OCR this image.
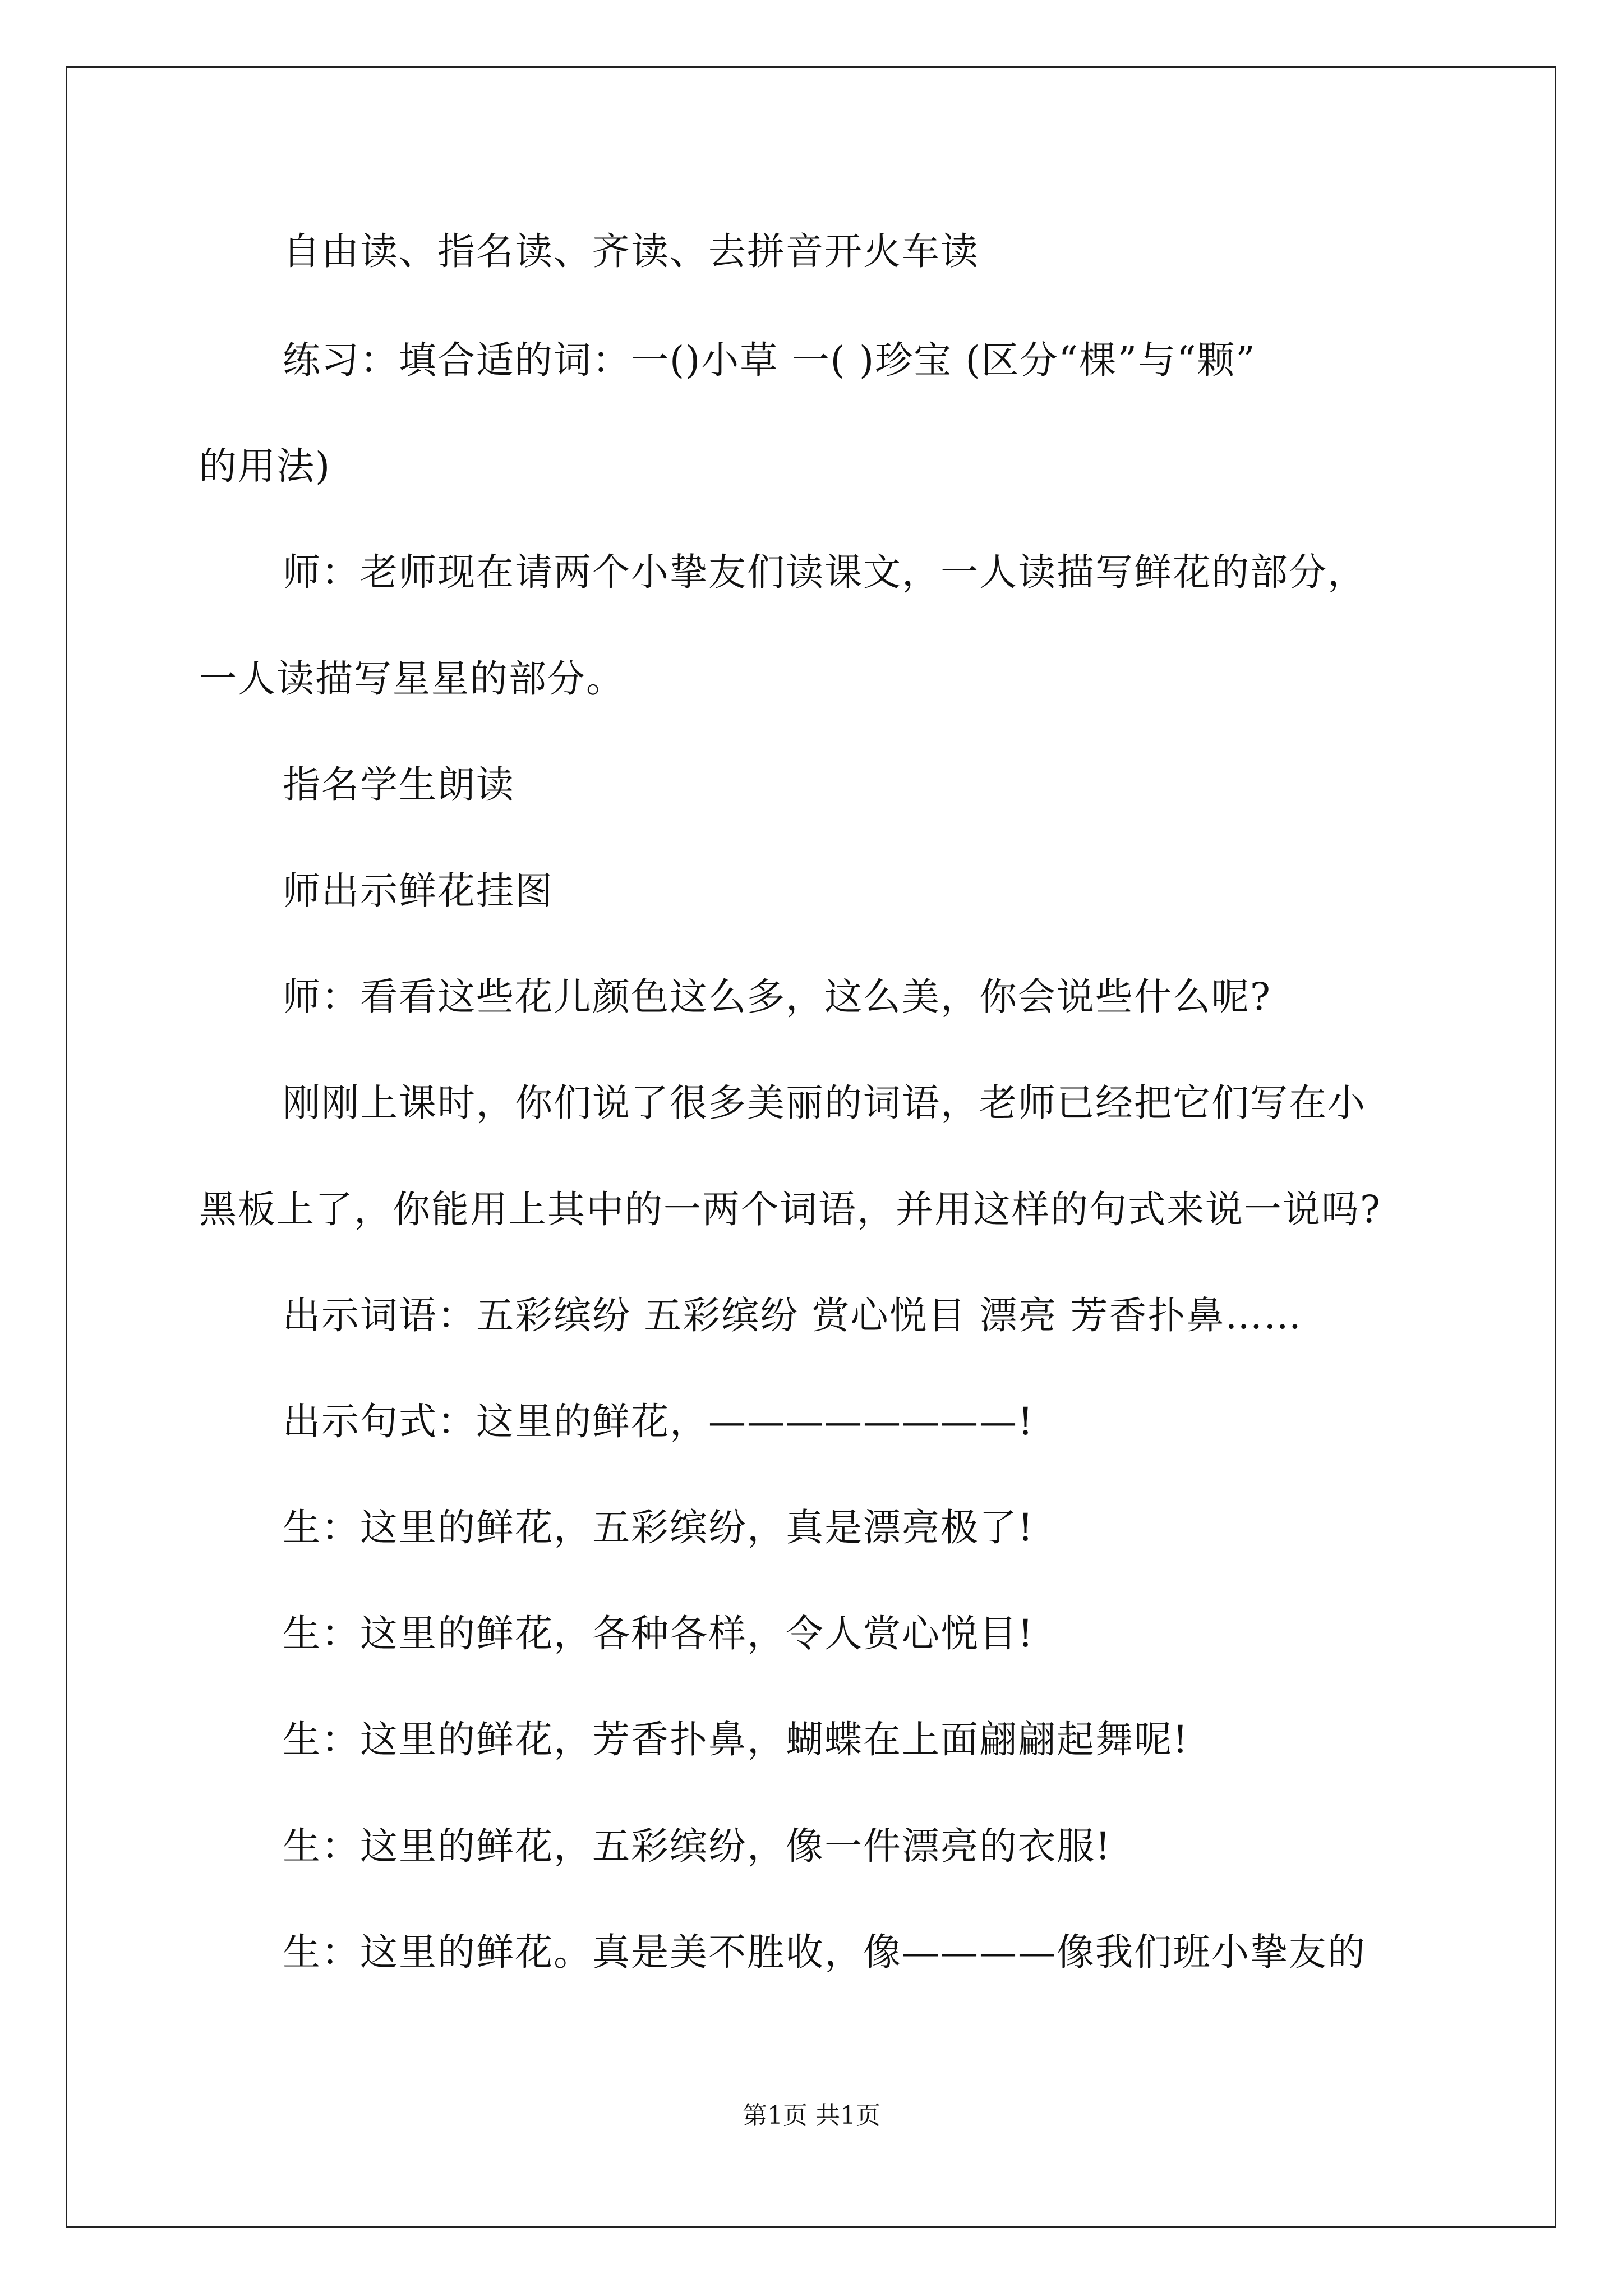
自由读、指名读、齐读、去拼音开火车读
练习：填合适的词：一()小草 一( )珍宝 (区分“棵”与“颗”
的用法)
师：老师现在请两个小挚友们读课文，一人读描写鲜花的部分，
一人读描写星星的部分。
指名学生朗读
师出示鲜花挂图
师：看看这些花儿颜色这么多，这么美，你会说些什么呢?
刚刚上课时，你们说了很多美丽的词语，老师已经把它们写在小
黑板上了，你能用上其中的一两个词语，并用这样的句式来说一说吗?
出示词语：五彩缤纷 五彩缤纷 赏心悦目 漂亮 芳香扑鼻……
出示句式：这里的鲜花，————————!
生：这里的鲜花，五彩缤纷，真是漂亮极了!
生：这里的鲜花，各种各样，令人赏心悦目!
生：这里的鲜花，芳香扑鼻，蝴蝶在上面翩翩起舞呢!
生：这里的鲜花，五彩缤纷，像一件漂亮的衣服!
生：这里的鲜花。真是美不胜收，像————像我们班小挚友的
第1页 共1页
